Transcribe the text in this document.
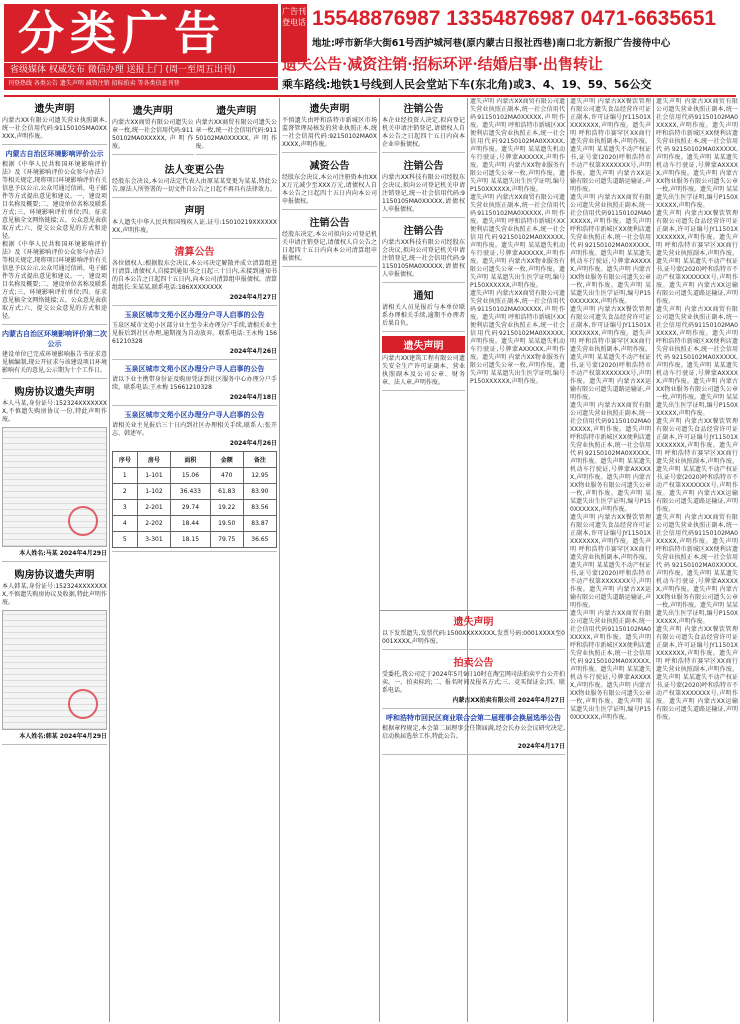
分类广告
省级媒体 权威发布 微信办理 送报上门 (周一至周五出刊)
刊登热线 各类公告 遗失声明 减资注销 招标拍卖 等各类信息刊登
广告刊登电话 15548876987 13354876987 0471-6635651
地址:呼市新华大街61号西护城河巷(原内蒙古日报社西巷)南口北方新报广告接待中心
遗失公告·减资注销·招标环评·结婚启事·出售转让
乘车路线:地铁1号线到人民会堂站下车(东北角)或3、4、19、59、56公交
遗失声明
内蒙古XX有限公司遗失营业执照副本,统一社会信用代码:91150105MA0XXXXX,声明作废。
内蒙古自治区环境影响评价公示
根据《中华人民共和国环境影响评价法》及《环境影响评价公众参与办法》等相关规定,现将项目环境影响评价有关信息予以公示,公众可通过信函、电子邮件等方式提出意见和建议。一、建设项目名称及概要;二、建设单位名称及联系方式;三、环境影响评价单位;四、征求意见稿全文网络链接;五、公众意见表获取方式;六、提交公众意见的方式和途径。
根据《中华人民共和国环境影响评价法》及《环境影响评价公众参与办法》等相关规定,现将项目环境影响评价有关信息予以公示,公众可通过信函、电子邮件等方式提出意见和建议。一、建设项目名称及概要;二、建设单位名称及联系方式;三、环境影响评价单位;四、征求意见稿全文网络链接;五、公众意见表获取方式;六、提交公众意见的方式和途径。
内蒙古自治区环境影响评价第二次公示
建设单位已完成环境影响报告书征求意见稿编制,现公开征求与该建设项目环境影响有关的意见,公示期为十个工作日。
购房协议遗失声明
本人马某,身份证号:152324XXXXXXXX,不慎遗失购房协议一份,特此声明作废。
本人姓名:马某 2024年4月29日
购房协议遗失声明
本人韩某,身份证号:152324XXXXXXXX,不慎遗失购房协议及收据,特此声明作废。
本人姓名:韩某 2024年4月29日
遗失声明
内蒙古XX商贸有限公司遗失公章一枚,统一社会信用代码:91150102MA0XXXXX,声明作废。
遗失声明
内蒙古XX商贸有限公司遗失公章一枚,统一社会信用代码:91150102MA0XXXXX,声明作废。
法人变更公告
经股东会决议,本公司法定代表人由原某某变更为某某,特此公告,原法人所签署的一切文件自公告之日起不再具有法律效力。
声明
本人遗失中华人民共和国残疾人证,证号:15010219XXXXXXXX,声明作废。
清算公告
各位债权人:根据股东会决议,本公司决定解散并成立清算组进行清算,请债权人自接到通知书之日起三十日内,未接到通知书的自本公告之日起四十五日内,向本公司清算组申报债权。清算组组长:朱某某,联系电话:186XXXXXXXX
2024年4月27日
玉泉区城市文苑小区办理分户寻人启事的公告
玉泉区城市文苑小区部分业主至今未办理分户手续,请相关业主见报后到社区办理,逾期视为自动放弃。联系电话:王永梅 15661210328
2024年4月26日
玉泉区城市文苑小区办理分户寻人启事的公告
请以下业主携带身份证及购房凭证到社区服务中心办理分户手续。联系电话:王永梅 15661210328
2024年4月18日
玉泉区城市文苑小区办理分户寻人启事的公告
请相关业主见报后三十日内到社区办理相关手续,联系人:张开志、韩述军。
2024年4月26日
序号	房号	面积	金额	备注
1	1-101	15.06	470	12.95
2	1-102	36.433	61.83	83.90
3	2-201	29.74	19.22	83.56
4	2-202	18.44	19.50	83.87
5	3-301	18.15	79.75	36.65
遗失声明
不慎遗失由呼和浩特市新城区市场监督管理局核发的营业执照正本,统一社会信用代码:92150102MA0XXXXX,声明作废。
减资公告
经股东会决议,本公司注册资本由XXX万元减少至XXX万元,请债权人自本公告之日起四十五日内向本公司申报债权。
注销公告
经股东决定,本公司拟向公司登记机关申请注销登记,请债权人自公告之日起四十五日内向本公司清算组申报债权。
注销公告
本企业经投资人决定,拟向登记机关申请注销登记,请债权人自本公告之日起四十五日内向本企业申报债权。
注销公告
内蒙古XX科技有限公司经股东会决议,拟向公司登记机关申请注销登记,统一社会信用代码:91150105MA0XXXXX,请债权人申报债权。
注销公告
内蒙古XX科技有限公司经股东会决议,拟向公司登记机关申请注销登记,统一社会信用代码:91150105MA0XXXXX,请债权人申报债权。
通知
请相关人员见报后与本单位联系办理相关手续,逾期不办理者后果自负。
遗失声明
内蒙古XX建筑工程有限公司遗失安全生产许可证副本、营业执照副本及公司公章、财务章、法人章,声明作废。
遗失声明
以下发票遗失,发票代码:1500XXXXXXXX,发票号码:0001XXXX至0001XXXX,声明作废。
拍卖公告
受委托,我公司定于2024年5月9日10时在淘宝网司法拍卖平台公开拍卖。一、拍卖标的;二、报名时间及报名方式;三、竞买保证金;四、联系电话。
内蒙古XX拍卖有限公司 2024年4月27日
呼和浩特市回民区商业联合会第二届理事会换届选举公告
根据章程规定,本会第二届理事会任期届满,经会长办公会议研究决定,启动换届选举工作,特此公告。
2024年4月17日
遗失声明 内蒙古XX商贸有限公司遗失营业执照正副本,统一社会信用代码91150102MA0XXXXX,声明作废。遗失声明 呼和浩特市新城区XX便利店遗失营业执照正本,统一社会信用代码92150102MA0XXXXX,声明作废。遗失声明 某某遗失机动车行驶证,号牌蒙AXXXXX,声明作废。遗失声明 内蒙古XX物业服务有限公司遗失公章一枚,声明作废。遗失声明 某某遗失出生医学证明,编号P150XXXXXX,声明作废。
遗失声明 内蒙古XX商贸有限公司遗失营业执照正副本,统一社会信用代码91150102MA0XXXXX,声明作废。遗失声明 呼和浩特市新城区XX便利店遗失营业执照正本,统一社会信用代码92150102MA0XXXXX,声明作废。遗失声明 某某遗失机动车行驶证,号牌蒙AXXXXX,声明作废。遗失声明 内蒙古XX物业服务有限公司遗失公章一枚,声明作废。遗失声明 某某遗失出生医学证明,编号P150XXXXXX,声明作废。
遗失声明 内蒙古XX商贸有限公司遗失营业执照正副本,统一社会信用代码91150102MA0XXXXX,声明作废。遗失声明 呼和浩特市新城区XX便利店遗失营业执照正本,统一社会信用代码92150102MA0XXXXX,声明作废。遗失声明 某某遗失机动车行驶证,号牌蒙AXXXXX,声明作废。遗失声明 内蒙古XX物业服务有限公司遗失公章一枚,声明作废。遗失声明 某某遗失出生医学证明,编号P150XXXXXX,声明作废。
遗失声明 内蒙古XX餐饮管理有限公司遗失食品经营许可证正副本,许可证编号JY11501XXXXXXXX,声明作废。遗失声明 呼和浩特市赛罕区XX商行遗失营业执照副本,声明作废。遗失声明 某某遗失不动产权证书,证号蒙(2020)呼和浩特市不动产权第XXXXXXX号,声明作废。遗失声明 内蒙古XX运输有限公司遗失道路运输证,声明作废。
遗失声明 内蒙古XX商贸有限公司遗失营业执照正副本,统一社会信用代码91150102MA0XXXXX,声明作废。遗失声明 呼和浩特市新城区XX便利店遗失营业执照正本,统一社会信用代码92150102MA0XXXXX,声明作废。遗失声明 某某遗失机动车行驶证,号牌蒙AXXXXX,声明作废。遗失声明 内蒙古XX物业服务有限公司遗失公章一枚,声明作废。遗失声明 某某遗失出生医学证明,编号P150XXXXXX,声明作废。
遗失声明 内蒙古XX餐饮管理有限公司遗失食品经营许可证正副本,许可证编号JY11501XXXXXXXX,声明作废。遗失声明 呼和浩特市赛罕区XX商行遗失营业执照副本,声明作废。遗失声明 某某遗失不动产权证书,证号蒙(2020)呼和浩特市不动产权第XXXXXXX号,声明作废。遗失声明 内蒙古XX运输有限公司遗失道路运输证,声明作废。
遗失声明 内蒙古XX商贸有限公司遗失营业执照正副本,统一社会信用代码91150102MA0XXXXX,声明作废。遗失声明 呼和浩特市新城区XX便利店遗失营业执照正本,统一社会信用代码92150102MA0XXXXX,声明作废。遗失声明 某某遗失机动车行驶证,号牌蒙AXXXXX,声明作废。遗失声明 内蒙古XX物业服务有限公司遗失公章一枚,声明作废。遗失声明 某某遗失出生医学证明,编号P150XXXXXX,声明作废。
遗失声明 内蒙古XX餐饮管理有限公司遗失食品经营许可证正副本,许可证编号JY11501XXXXXXXX,声明作废。遗失声明 呼和浩特市赛罕区XX商行遗失营业执照副本,声明作废。遗失声明 某某遗失不动产权证书,证号蒙(2020)呼和浩特市不动产权第XXXXXXX号,声明作废。遗失声明 内蒙古XX运输有限公司遗失道路运输证,声明作废。
遗失声明 内蒙古XX商贸有限公司遗失营业执照正副本,统一社会信用代码91150102MA0XXXXX,声明作废。遗失声明 呼和浩特市新城区XX便利店遗失营业执照正本,统一社会信用代码92150102MA0XXXXX,声明作废。遗失声明 某某遗失机动车行驶证,号牌蒙AXXXXX,声明作废。遗失声明 内蒙古XX物业服务有限公司遗失公章一枚,声明作废。遗失声明 某某遗失出生医学证明,编号P150XXXXXX,声明作废。
遗失声明 内蒙古XX商贸有限公司遗失营业执照正副本,统一社会信用代码91150102MA0XXXXX,声明作废。遗失声明 呼和浩特市新城区XX便利店遗失营业执照正本,统一社会信用代码92150102MA0XXXXX,声明作废。遗失声明 某某遗失机动车行驶证,号牌蒙AXXXXX,声明作废。遗失声明 内蒙古XX物业服务有限公司遗失公章一枚,声明作废。遗失声明 某某遗失出生医学证明,编号P150XXXXXX,声明作废。
遗失声明 内蒙古XX餐饮管理有限公司遗失食品经营许可证正副本,许可证编号JY11501XXXXXXXX,声明作废。遗失声明 呼和浩特市赛罕区XX商行遗失营业执照副本,声明作废。遗失声明 某某遗失不动产权证书,证号蒙(2020)呼和浩特市不动产权第XXXXXXX号,声明作废。遗失声明 内蒙古XX运输有限公司遗失道路运输证,声明作废。
遗失声明 内蒙古XX商贸有限公司遗失营业执照正副本,统一社会信用代码91150102MA0XXXXX,声明作废。遗失声明 呼和浩特市新城区XX便利店遗失营业执照正本,统一社会信用代码92150102MA0XXXXX,声明作废。遗失声明 某某遗失机动车行驶证,号牌蒙AXXXXX,声明作废。遗失声明 内蒙古XX物业服务有限公司遗失公章一枚,声明作废。遗失声明 某某遗失出生医学证明,编号P150XXXXXX,声明作废。
遗失声明 内蒙古XX餐饮管理有限公司遗失食品经营许可证正副本,许可证编号JY11501XXXXXXXX,声明作废。遗失声明 呼和浩特市赛罕区XX商行遗失营业执照副本,声明作废。遗失声明 某某遗失不动产权证书,证号蒙(2020)呼和浩特市不动产权第XXXXXXX号,声明作废。遗失声明 内蒙古XX运输有限公司遗失道路运输证,声明作废。
遗失声明 内蒙古XX商贸有限公司遗失营业执照正副本,统一社会信用代码91150102MA0XXXXX,声明作废。遗失声明 呼和浩特市新城区XX便利店遗失营业执照正本,统一社会信用代码92150102MA0XXXXX,声明作废。遗失声明 某某遗失机动车行驶证,号牌蒙AXXXXX,声明作废。遗失声明 内蒙古XX物业服务有限公司遗失公章一枚,声明作废。遗失声明 某某遗失出生医学证明,编号P150XXXXXX,声明作废。
遗失声明 内蒙古XX餐饮管理有限公司遗失食品经营许可证正副本,许可证编号JY11501XXXXXXXX,声明作废。遗失声明 呼和浩特市赛罕区XX商行遗失营业执照副本,声明作废。遗失声明 某某遗失不动产权证书,证号蒙(2020)呼和浩特市不动产权第XXXXXXX号,声明作废。遗失声明 内蒙古XX运输有限公司遗失道路运输证,声明作废。
